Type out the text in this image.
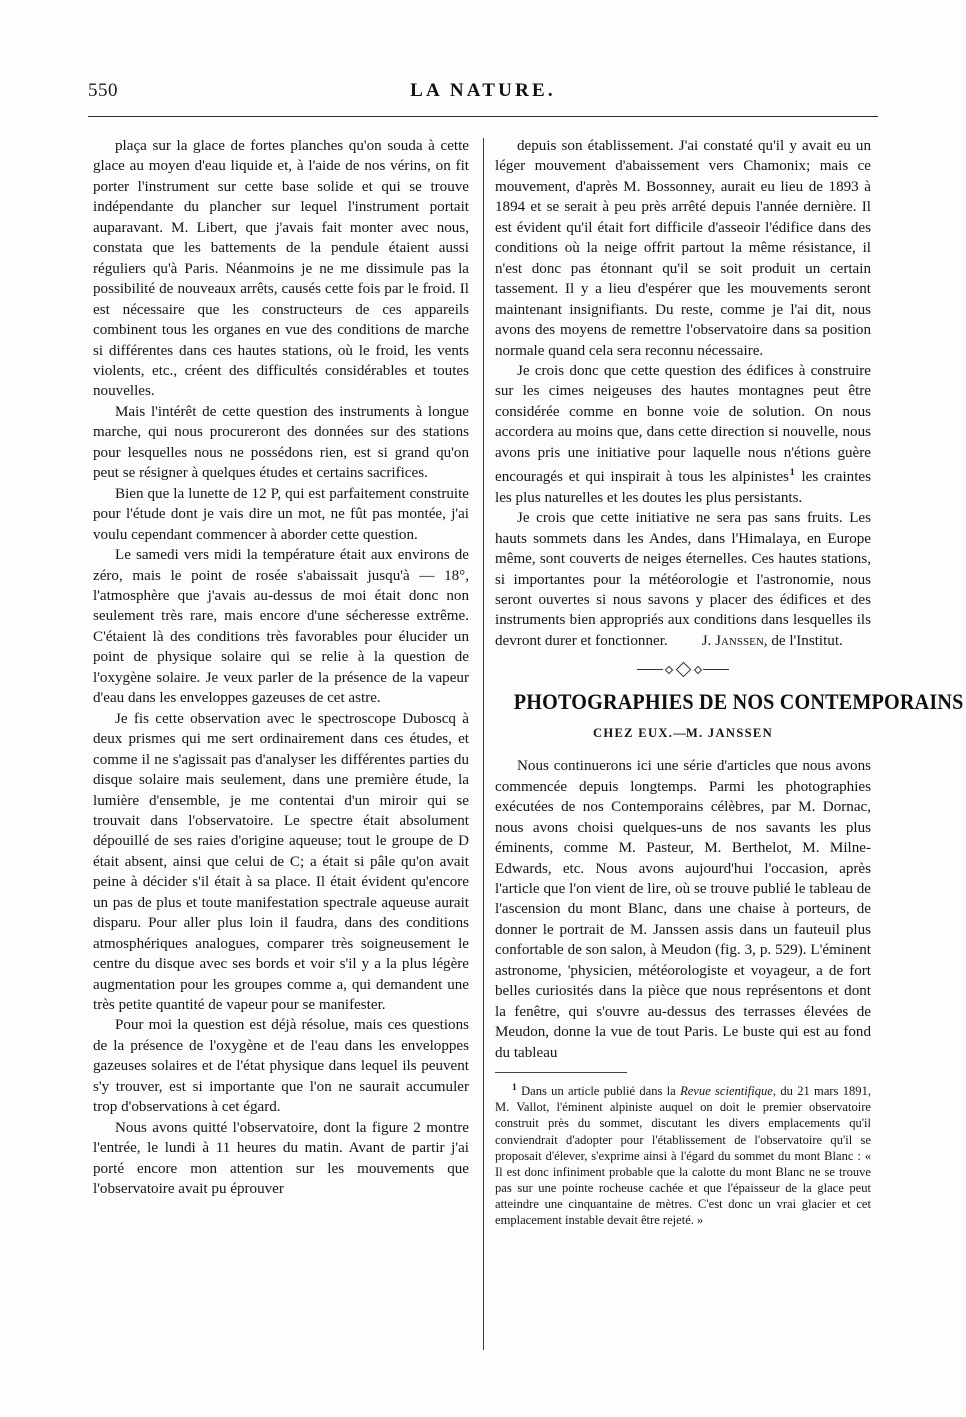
550	LA NATURE.

plaça sur la glace de fortes planches qu'on souda à cette glace au moyen d'eau liquide et, à l'aide de nos vérins, on fit porter l'instrument sur cette base solide et qui se trouve indépendante du plancher sur lequel l'instrument portait auparavant. M. Libert, que j'avais fait monter avec nous, constata que les battements de la pendule étaient aussi réguliers qu'à Paris. Néanmoins je ne me dissimule pas la possibilité de nouveaux arrêts, causés cette fois par le froid. Il est nécessaire que les constructeurs de ces appareils combinent tous les organes en vue des conditions de marche si différentes dans ces hautes stations, où le froid, les vents violents, etc., créent des difficultés considérables et toutes nouvelles.

Mais l'intérêt de cette question des instruments à longue marche, qui nous procureront des données sur des stations pour lesquelles nous ne possédons rien, est si grand qu'on peut se résigner à quelques études et certains sacrifices.

Bien que la lunette de 12 P, qui est parfaitement construite pour l'étude dont je vais dire un mot, ne fût pas montée, j'ai voulu cependant commencer à aborder cette question.

Le samedi vers midi la température était aux environs de zéro, mais le point de rosée s'abaissait jusqu'à — 18°, l'atmosphère que j'avais au-dessus de moi était donc non seulement très rare, mais encore d'une sécheresse extrême. C'étaient là des conditions très favorables pour élucider un point de physique solaire qui se relie à la question de l'oxygène solaire. Je veux parler de la présence de la vapeur d'eau dans les enveloppes gazeuses de cet astre.

Je fis cette observation avec le spectroscope Duboscq à deux prismes qui me sert ordinairement dans ces études, et comme il ne s'agissait pas d'analyser les différentes parties du disque solaire mais seulement, dans une première étude, la lumière d'ensemble, je me contentai d'un miroir qui se trouvait dans l'observatoire. Le spectre était absolument dépouillé de ses raies d'origine aqueuse; tout le groupe de D était absent, ainsi que celui de C; a était si pâle qu'on avait peine à décider s'il était à sa place. Il était évident qu'encore un pas de plus et toute manifestation spectrale aqueuse aurait disparu. Pour aller plus loin il faudra, dans des conditions atmosphériques analogues, comparer très soigneusement le centre du disque avec ses bords et voir s'il y a la plus légère augmentation pour les groupes comme a, qui demandent une très petite quantité de vapeur pour se manifester.

Pour moi la question est déjà résolue, mais ces questions de la présence de l'oxygène et de l'eau dans les enveloppes gazeuses solaires et de l'état physique dans lequel ils peuvent s'y trouver, est si importante que l'on ne saurait accumuler trop d'observations à cet égard.

Nous avons quitté l'observatoire, dont la figure 2 montre l'entrée, le lundi à 11 heures du matin. Avant de partir j'ai porté encore mon attention sur les mouvements que l'observatoire avait pu éprouver

depuis son établissement. J'ai constaté qu'il y avait eu un léger mouvement d'abaissement vers Chamonix; mais ce mouvement, d'après M. Bossonney, aurait eu lieu de 1893 à 1894 et se serait à peu près arrêté depuis l'année dernière. Il est évident qu'il était fort difficile d'asseoir l'édifice dans des conditions où la neige offrit partout la même résistance, il n'est donc pas étonnant qu'il se soit produit un certain tassement. Il y a lieu d'espérer que les mouvements seront maintenant insignifiants. Du reste, comme je l'ai dit, nous avons des moyens de remettre l'observatoire dans sa position normale quand cela sera reconnu nécessaire.

Je crois donc que cette question des édifices à construire sur les cimes neigeuses des hautes montagnes peut être considérée comme en bonne voie de solution. On nous accordera au moins que, dans cette direction si nouvelle, nous avons pris une initiative pour laquelle nous n'étions guère encouragés et qui inspirait à tous les alpinistes$^1$ les craintes les plus naturelles et les doutes les plus persistants.

Je crois que cette initiative ne sera pas sans fruits. Les hauts sommets dans les Andes, dans l'Himalaya, en Europe même, sont couverts de neiges éternelles. Ces hautes stations, si importantes pour la météorologie et l'astronomie, nous seront ouvertes si nous savons y placer des édifices et des instruments bien appropriés aux conditions dans lesquelles ils devront durer et fonctionner. J. Janssen, de l'Institut.

PHOTOGRAPHIES DE NOS CONTEMPORAINS
CHEZ EUX.—M. JANSSEN

Nous continuerons ici une série d'articles que nous avons commencée depuis longtemps. Parmi les photographies exécutées de nos Contemporains célèbres, par M. Dornac, nous avons choisi quelques-uns de nos savants les plus éminents, comme M. Pasteur, M. Berthelot, M. Milne-Edwards, etc. Nous avons aujourd'hui l'occasion, après l'article que l'on vient de lire, où se trouve publié le tableau de l'ascension du mont Blanc, dans une chaise à porteurs, de donner le portrait de M. Janssen assis dans un fauteuil plus confortable de son salon, à Meudon (fig. 3, p. 529). L'éminent astronome, 'physicien, météorologiste et voyageur, a de fort belles curiosités dans la pièce que nous représentons et dont la fenêtre, qui s'ouvre au-dessus des terrasses élevées de Meudon, donne la vue de tout Paris. Le buste qui est au fond du tableau

$^1$ Dans un article publié dans la Revue scientifique, du 21 mars 1891, M. Vallot, l'éminent alpiniste auquel on doit le premier observatoire construit près du sommet, discutant les divers emplacements qu'il conviendrait d'adopter pour l'établissement de l'observatoire qu'il se proposait d'élever, s'exprime ainsi à l'égard du sommet du mont Blanc : « Il est donc infiniment probable que la calotte du mont Blanc ne se trouve pas sur une pointe rocheuse cachée et que l'épaisseur de la glace peut atteindre une cinquantaine de mètres. C'est donc un vrai glacier et cet emplacement instable devait être rejeté. »
